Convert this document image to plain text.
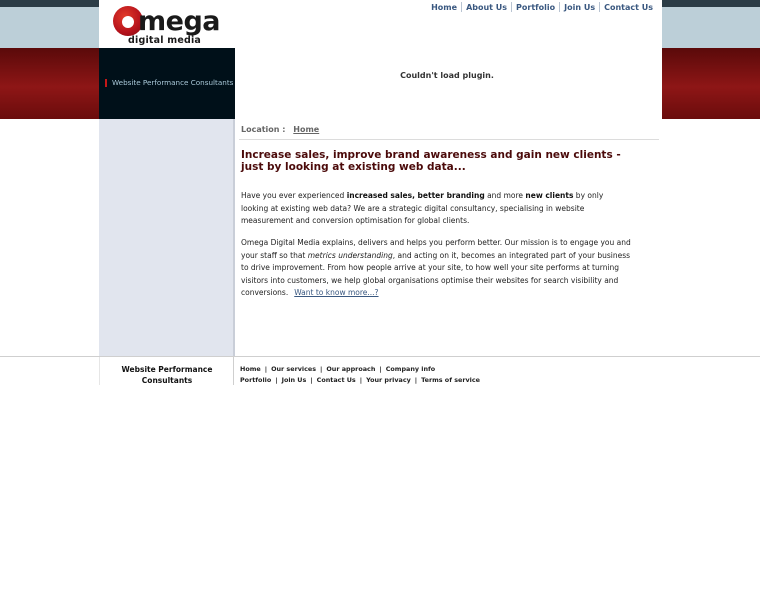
mega
digital media
Home	About Us	Portfolio	Join Us	Contact Us
Website Performance Consultants
Couldn't load plugin.
Location : Home
Increase sales, improve brand awareness and gain new clients - just by looking at existing web data...

Have you ever experienced increased sales, better branding and more new clients by only looking at existing web data? We are a strategic digital consultancy, specialising in website measurement and conversion optimisation for global clients.

Omega Digital Media explains, delivers and helps you perform better. Our mission is to engage you and your staff so that metrics understanding, and acting on it, becomes an integrated part of your business to drive improvement. From how people arrive at your site, to how well your site performs at turning visitors into customers, we help global organisations optimise their websites for search visibility and conversions. Want to know more...?

Website Performance Consultants
Home | Our services | Our approach | Company info
Portfolio | Join Us | Contact Us | Your privacy | Terms of service
